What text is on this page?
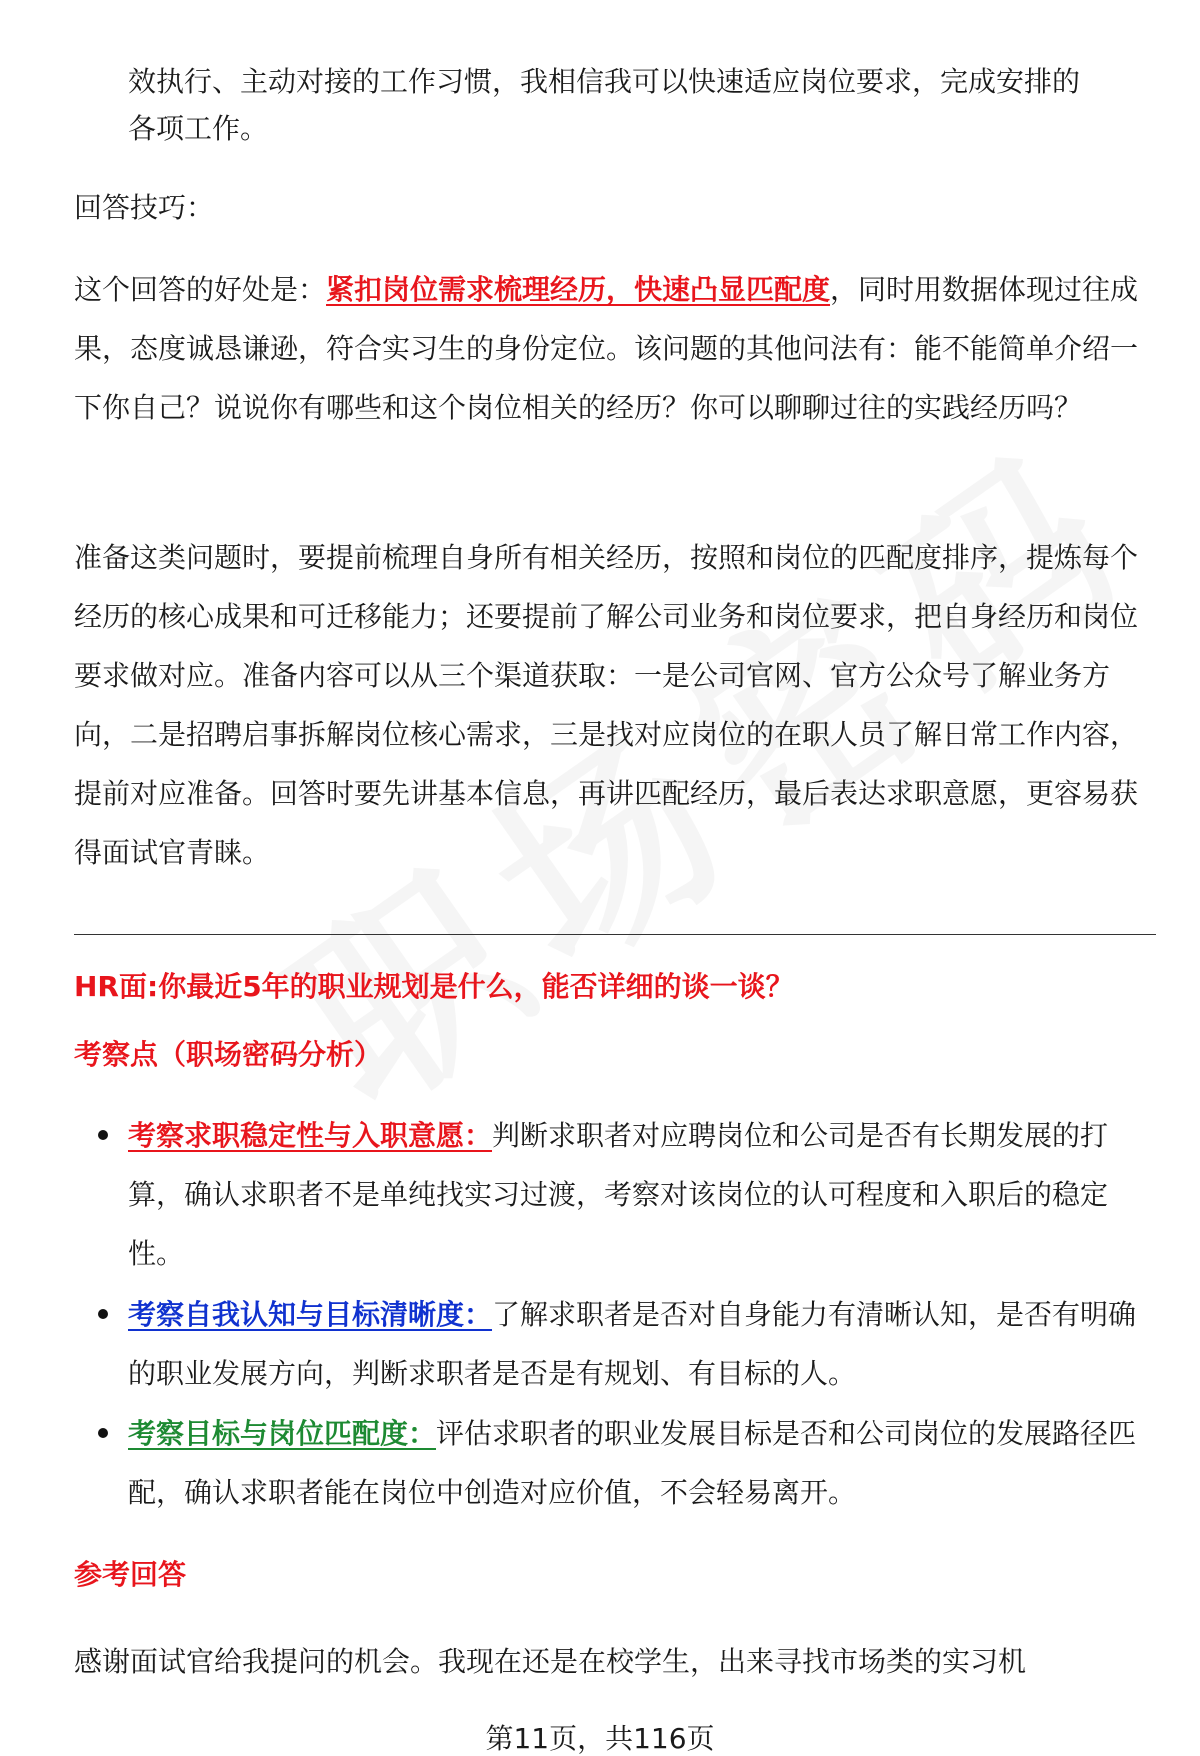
效执行、主动对接的工作习惯，我相信我可以快速适应岗位要求，完成安排的
各项工作。
回答技巧：
这个回答的好处是：紧扣岗位需求梳理经历，快速凸显匹配度，同时用数据体现过往成果，态度诚恳谦逊，符合实习生的身份定位。该问题的其他问法有：能不能简单介绍一下你自己？说说你有哪些和这个岗位相关的经历？你可以聊聊过往的实践经历吗？
准备这类问题时，要提前梳理自身所有相关经历，按照和岗位的匹配度排序，提炼每个经历的核心成果和可迁移能力；还要提前了解公司业务和岗位要求，把自身经历和岗位要求做对应。准备内容可以从三个渠道获取：一是公司官网、官方公众号了解业务方向，二是招聘启事拆解岗位核心需求，三是找对应岗位的在职人员了解日常工作内容，提前对应准备。回答时要先讲基本信息，再讲匹配经历，最后表达求职意愿，更容易获得面试官青睐。
HR面:你最近5年的职业规划是什么，能否详细的谈一谈？
考察点（职场密码分析）
考察求职稳定性与入职意愿：判断求职者对应聘岗位和公司是否有长期发展的打算，确认求职者不是单纯找实习过渡，考察对该岗位的认可程度和入职后的稳定性。
考察自我认知与目标清晰度：了解求职者是否对自身能力有清晰认知，是否有明确的职业发展方向，判断求职者是否是有规划、有目标的人。
考察目标与岗位匹配度：评估求职者的职业发展目标是否和公司岗位的发展路径匹配，确认求职者能在岗位中创造对应价值，不会轻易离开。
参考回答
感谢面试官给我提问的机会。我现在还是在校学生，出来寻找市场类的实习机
第11页，共116页
